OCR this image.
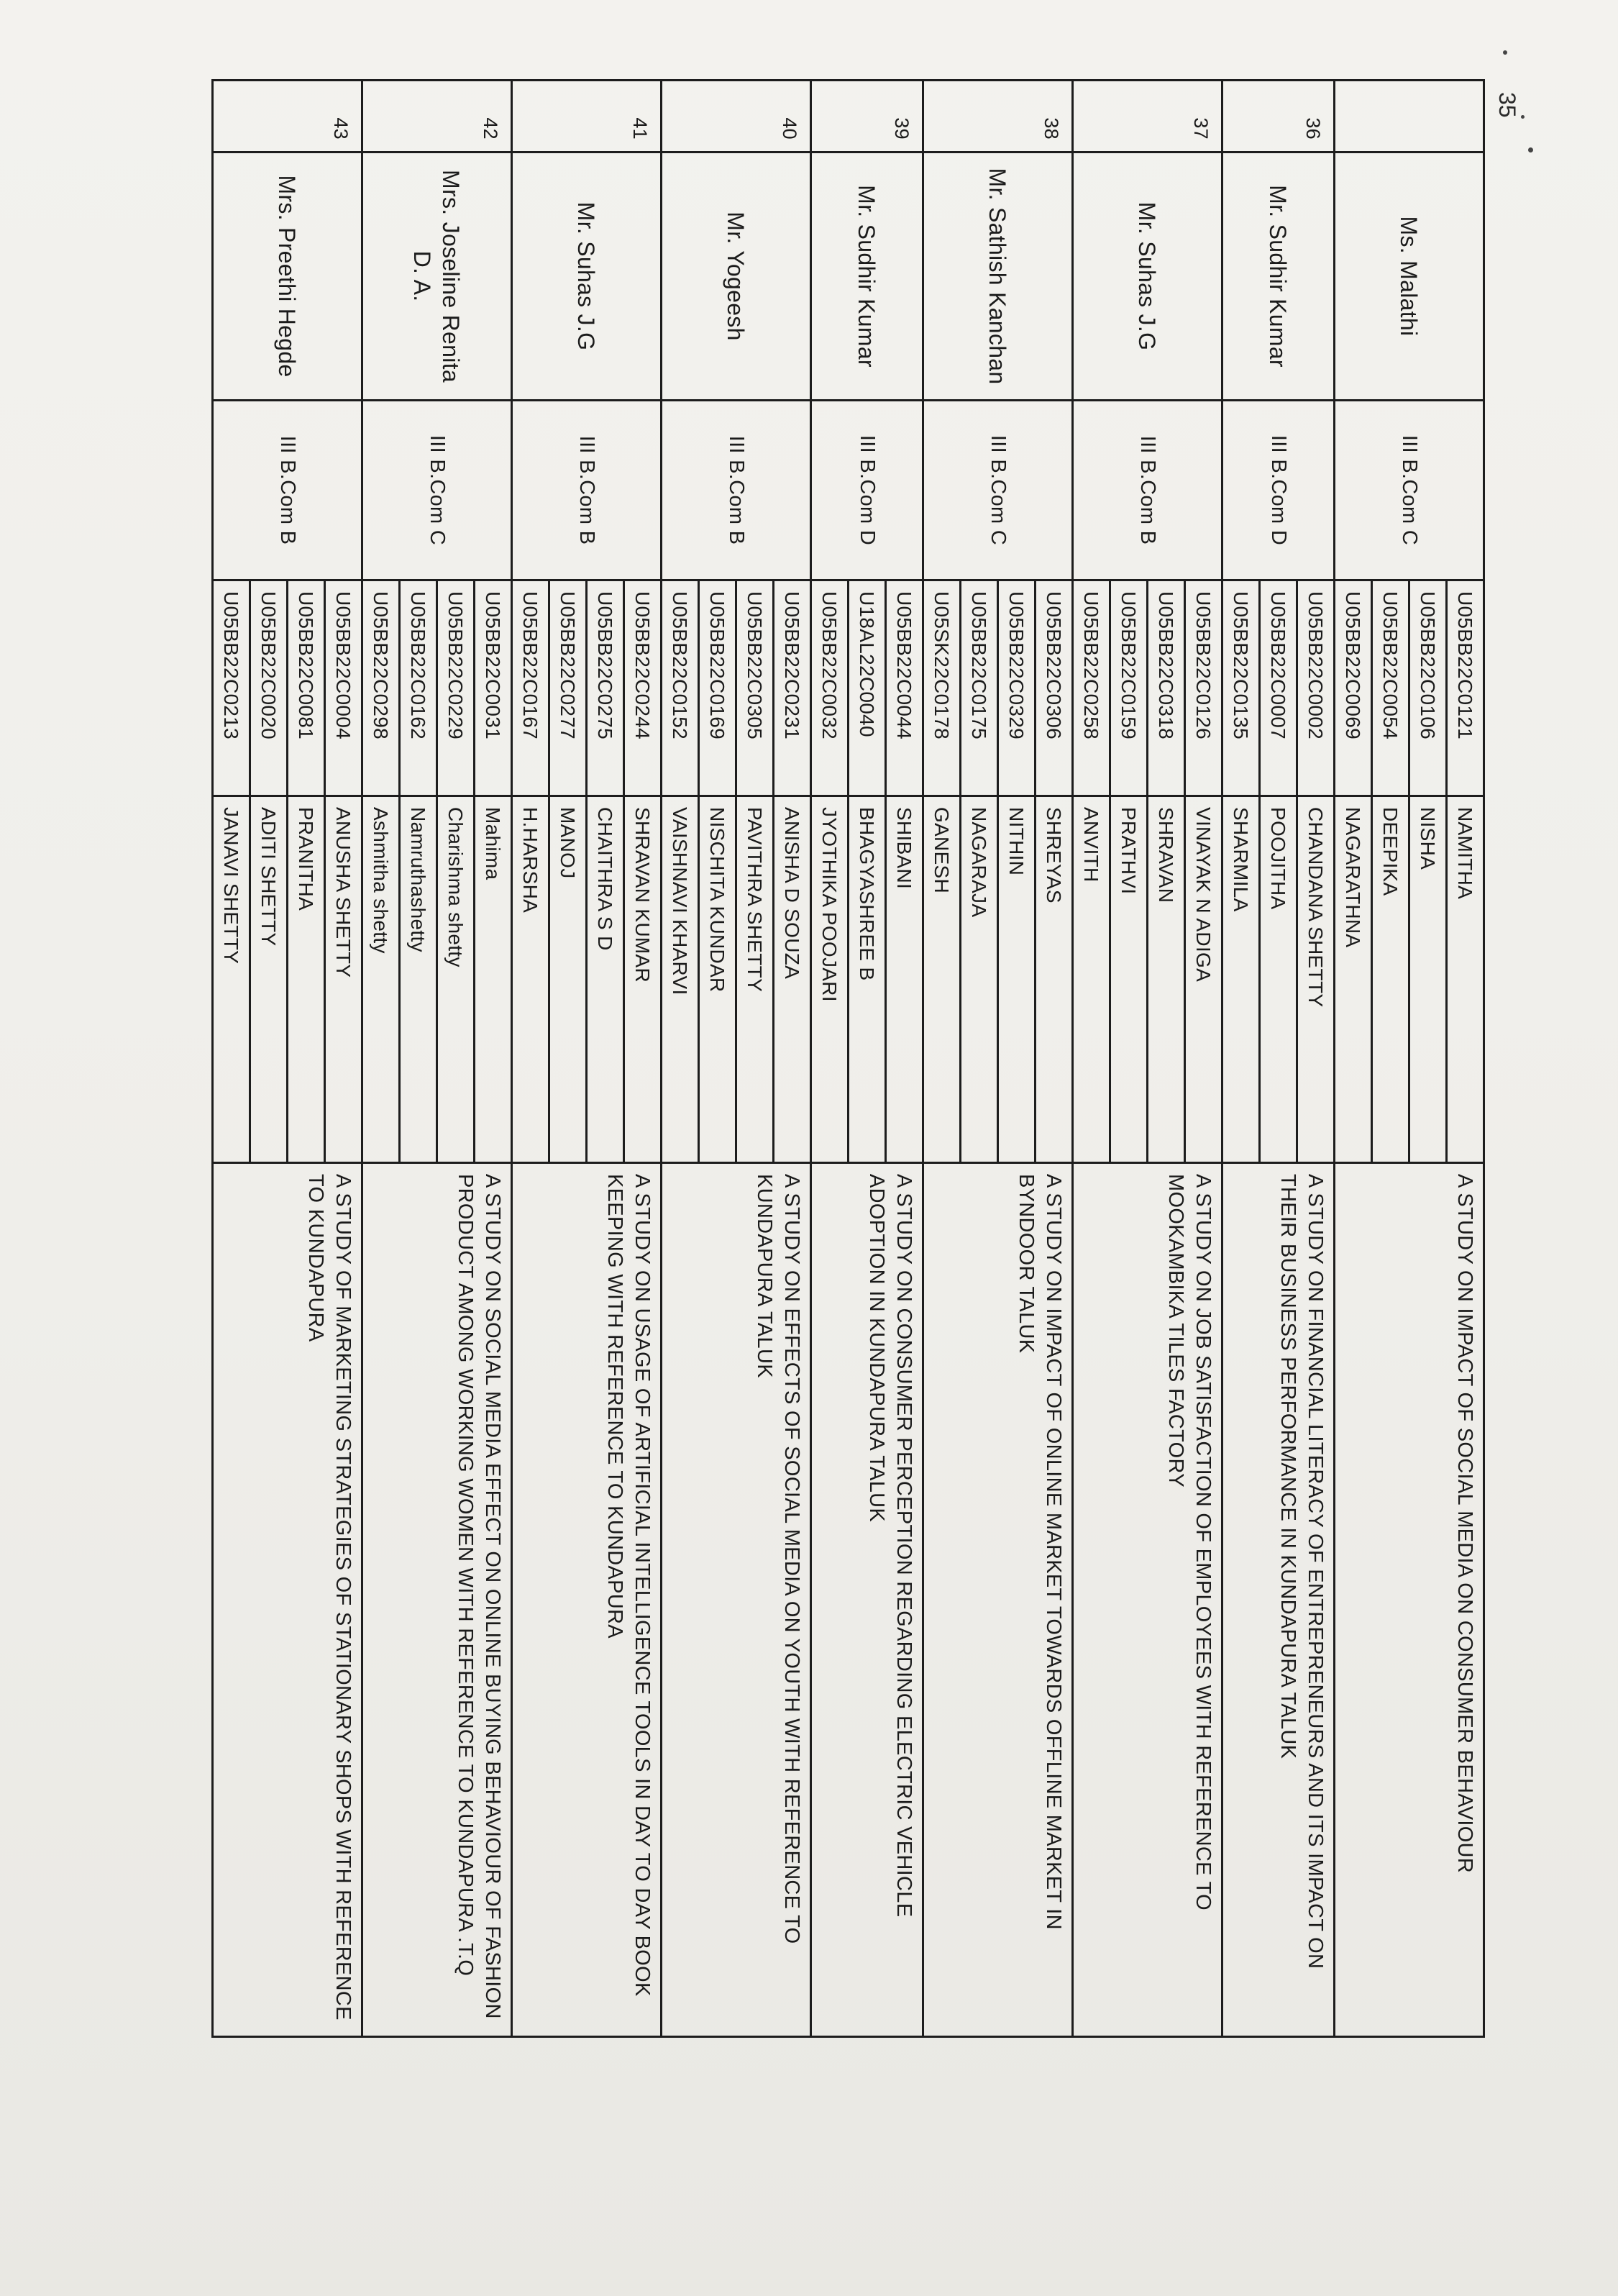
35
	Ms. Malathi	III B.Com C	U05BB22C0121	NAMITHA	A STUDY ON IMPACT OF SOCIAL MEDIA ON CONSUMER BEHAVIOUR
			U05BB22C0106	NISHA	
			U05BB22C0054	DEEPIKA	
			U05BB22C0069	NAGARATHNA	
36	Mr. Sudhir Kumar	III B.Com D	U05BB22C0002	CHANDANA SHETTY	A STUDY ON FINANCIAL LITERACY OF ENTREPRENEURS AND ITS IMPACT ON THEIR BUSINESS PERFORMANCE IN KUNDAPURA TALUK
			U05BB22C0007	POOJITHA	
			U05BB22C0135	SHARMILA	
37	Mr. Suhas J.G	III B.Com B	U05BB22C0126	VINAYAK N ADIGA	A STUDY ON JOB SATISFACTION OF EMPLOYEES WITH REFERENCE TO MOOKAMBIKA TILES FACTORY
			U05BB22C0318	SHRAVAN	
			U05BB22C0159	PRATHVI	
			U05BB22C0258	ANVITH	
38	Mr. Sathish Kanchan	III B.Com C	U05BB22C0306	SHREYAS	A STUDY ON IMPACT OF ONLINE MARKET TOWARDS OFFLINE MARKET IN BYNDOOR TALUK
			U05BB22C0329	NITHIN	
			U05BB22C0175	NAGARAJA	
			U05SK22C0178	GANESH	
39	Mr. Sudhir Kumar	III B.Com D	U05BB22C0044	SHIBANI	A STUDY ON CONSUMER PERCEPTION REGARDING ELECTRIC VEHICLE ADOPTION IN KUNDAPURA TALUK
			U18AL22C0040	BHAGYASHREE B	
			U05BB22C0032	JYOTHIKA POOJARI	
40	Mr. Yogeesh	III B.Com B	U05BB22C0231	ANISHA D SOUZA	A STUDY ON EFFECTS OF SOCIAL MEDIA ON YOUTH WITH REFERENCE TO KUNDAPURA TALUK
			U05BB22C0305	PAVITHRA SHETTY	
			U05BB22C0169	NISCHITA KUNDAR	
			U05BB22C0152	VAISHNAVI KHARVI	
41	Mr. Suhas J.G	III B.Com B	U05BB22C0244	SHRAVAN KUMAR	A STUDY ON USAGE OF ARTIFICIAL INTELLIGENCE TOOLS IN DAY TO DAY BOOK KEEPING WITH REFERENCE TO KUNDAPURA
			U05BB22C0275	CHAITHRA S D	
			U05BB22C0277	MANOJ	
			U05BB22C0167	H.HARSHA	
42	Mrs. Joseline Renita D. A.	III B.Com C	U05BB22C0031	Mahima	A STUDY ON SOCIAL MEDIA EFFECT ON ONLINE BUYING BEHAVIOUR OF FASHION PRODUCT AMONG WORKING WOMEN WITH REFERENCE TO KUNDAPURA .T.Q
			U05BB22C0229	Charishma shetty	
			U05BB22C0162	Namruthashetty	
			U05BB22C0298	Ashmitha shetty	
43	Mrs. Preethi Hegde	III B.Com B	U05BB22C0004	ANUSHA SHETTY	A STUDY OF MARKETING STRATEGIES OF STATIONARY SHOPS WITH REFERENCE TO KUNDAPURA
			U05BB22C0081	PRANITHA	
			U05BB22C0020	ADITI SHETTY	
			U05BB22C0213	JANAVI SHETTY	
